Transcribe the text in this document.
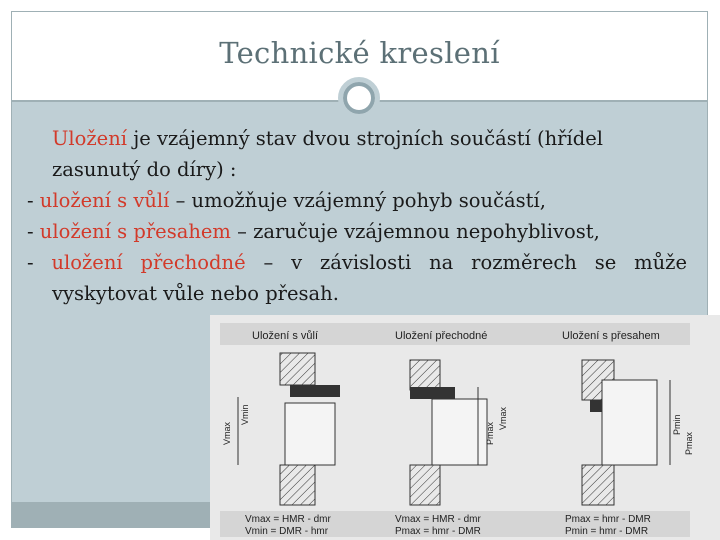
Technické kreslení
Uložení je vzájemný stav dvou strojních součástí (hřídel
zasunutý do díry) :
- uložení s vůlí – umožňuje vzájemný pohyb součástí,
- uložení s přesahem – zaručuje vzájemnou nepohyblivost,
- uložení přechodné – v závislosti na rozměrech se může
vyskytovat vůle nebo přesah.
Uložení s vůlí
Vmax
Vmin
Vmax = HMR - dmr
Vmin = DMR - hmr
Uložení přechodné
Pmax
Vmax
Vmax = HMR - dmr
Pmax = hmr - DMR
Uložení s přesahem
Pmin
Pmax
Pmax = hmr - DMR
Pmin = hmr - DMR
